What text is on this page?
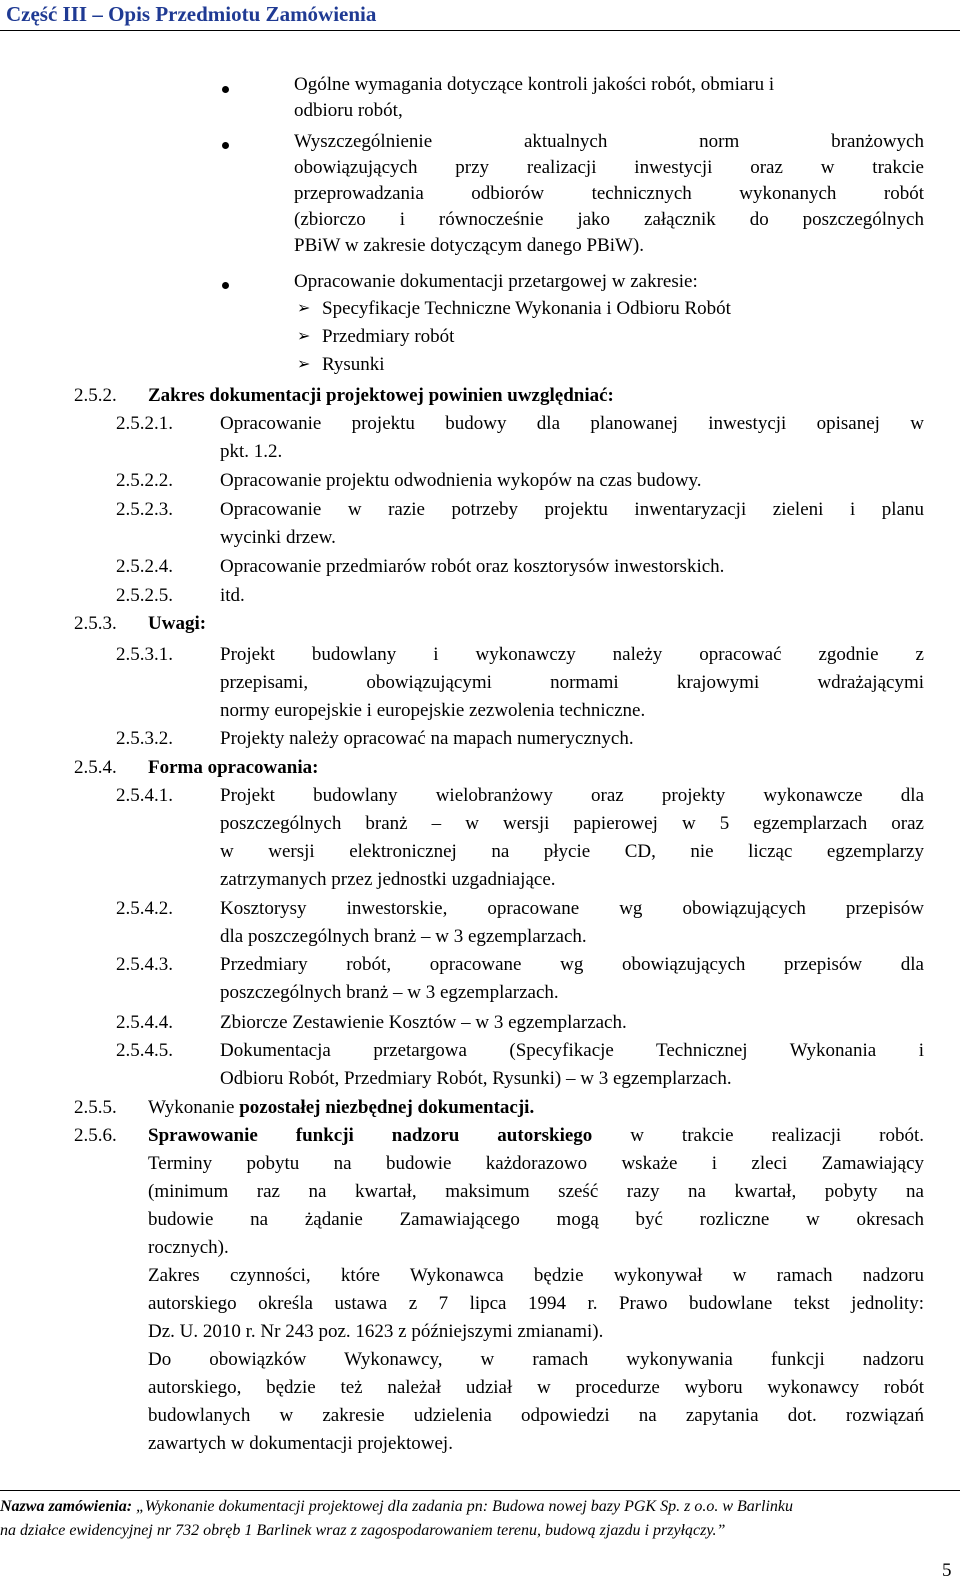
Część III – Opis Przedmiotu Zamówienia
Ogólne wymagania dotyczące kontroli jakości robót, obmiaru i
odbioru robót,
Wyszczególnienie aktualnych norm branżowych
obowiązujących przy realizacji inwestycji oraz w trakcie
przeprowadzania odbiorów technicznych wykonanych robót
(zbiorczo i równocześnie jako załącznik do poszczególnych
PBiW w zakresie dotyczącym danego PBiW).
Opracowanie dokumentacji przetargowej w zakresie:
➢ Specyfikacje Techniczne Wykonania i Odbioru Robót
➢ Przedmiary robót
➢ Rysunki
2.5.2. Zakres dokumentacji projektowej powinien uwzględniać:
2.5.2.1. Opracowanie projektu budowy dla planowanej inwestycji opisanej w
pkt. 1.2.
2.5.2.2. Opracowanie projektu odwodnienia wykopów na czas budowy.
2.5.2.3. Opracowanie w razie potrzeby projektu inwentaryzacji zieleni i planu
wycinki drzew.
2.5.2.4. Opracowanie przedmiarów robót oraz kosztorysów inwestorskich.
2.5.2.5. itd.
2.5.3. Uwagi:
2.5.3.1. Projekt budowlany i wykonawczy należy opracować zgodnie z
przepisami, obowiązującymi normami krajowymi wdrażającymi
normy europejskie i europejskie zezwolenia techniczne.
2.5.3.2. Projekty należy opracować na mapach numerycznych.
2.5.4. Forma opracowania:
2.5.4.1. Projekt budowlany wielobranżowy oraz projekty wykonawcze dla
poszczególnych branż – w wersji papierowej w 5 egzemplarzach oraz
w wersji elektronicznej na płycie CD, nie licząc egzemplarzy
zatrzymanych przez jednostki uzgadniające.
2.5.4.2. Kosztorysy inwestorskie, opracowane wg obowiązujących przepisów
dla poszczególnych branż – w 3 egzemplarzach.
2.5.4.3. Przedmiary robót, opracowane wg obowiązujących przepisów dla
poszczególnych branż – w 3 egzemplarzach.
2.5.4.4. Zbiorcze Zestawienie Kosztów – w 3 egzemplarzach.
2.5.4.5. Dokumentacja przetargowa (Specyfikacje Technicznej Wykonania i
Odbioru Robót, Przedmiary Robót, Rysunki) – w 3 egzemplarzach.
2.5.5. Wykonanie pozostałej niezbędnej dokumentacji.
2.5.6. Sprawowanie funkcji nadzoru autorskiego w trakcie realizacji robót.
Terminy pobytu na budowie każdorazowo wskaże i zleci Zamawiający
(minimum raz na kwartał, maksimum sześć razy na kwartał, pobyty na
budowie na żądanie Zamawiającego mogą być rozliczne w okresach
rocznych).
Zakres czynności, które Wykonawca będzie wykonywał w ramach nadzoru
autorskiego określa ustawa z 7 lipca 1994 r. Prawo budowlane tekst jednolity:
Dz. U. 2010 r. Nr 243 poz. 1623 z późniejszymi zmianami).
Do obowiązków Wykonawcy, w ramach wykonywania funkcji nadzoru
autorskiego, będzie też należał udział w procedurze wyboru wykonawcy robót
budowlanych w zakresie udzielenia odpowiedzi na zapytania dot. rozwiązań
zawartych w dokumentacji projektowej.
Nazwa zamówienia: „Wykonanie dokumentacji projektowej dla zadania pn: Budowa nowej bazy PGK Sp. z o.o. w Barlinku
na działce ewidencyjnej nr 732 obręb 1 Barlinek wraz z zagospodarowaniem terenu, budową zjazdu i przyłączy.”
5
